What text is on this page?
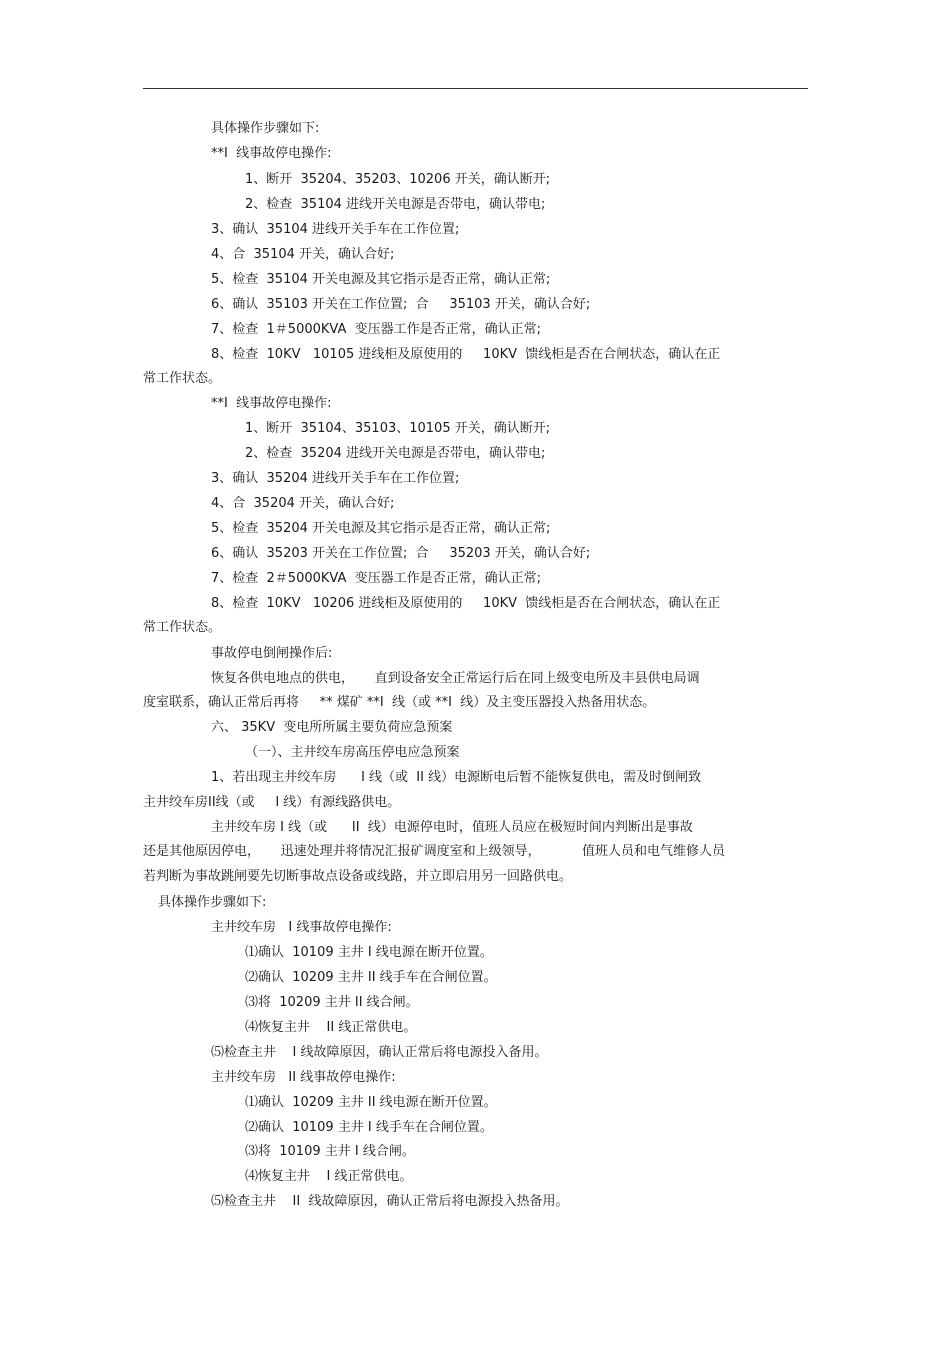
具体操作步骤如下:
**I  线事故停电操作:
1、断开  35204、35203、10206 开关，确认断开;
2、检查  35104 进线开关电源是否带电，确认带电;
3、确认  35104 进线开关手车在工作位置;
4、合  35104 开关，确认合好;
5、检查  35104 开关电源及其它指示是否正常，确认正常;
6、确认  35103 开关在工作位置;  合     35103 开关，确认合好;
7、检查  1＃5000KVA  变压器工作是否正常，确认正常;
8、检查  10KV   10105 进线柜及原使用的     10KV  馈线柜是否在合闸状态，确认在正
常工作状态。
**I  线事故停电操作:
1、断开  35104、35103、10105 开关，确认断开;
2、检查  35204 进线开关电源是否带电，确认带电;
3、确认  35204 进线开关手车在工作位置;
4、合  35204 开关，确认合好;
5、检查  35204 开关电源及其它指示是否正常，确认正常;
6、确认  35203 开关在工作位置;  合     35203 开关，确认合好;
7、检查  2＃5000KVA  变压器工作是否正常，确认正常;
8、检查  10KV   10206 进线柜及原使用的     10KV  馈线柜是否在合闸状态，确认在正
常工作状态。
事故停电倒闸操作后:
恢复各供电地点的供电，     直到设备安全正常运行后在同上级变电所及丰县供电局调
度室联系，确认正常后再将     ** 煤矿 **I  线（或 **I  线）及主变压器投入热备用状态。
六、 35KV  变电所所属主要负荷应急预案
（一）、主井绞车房高压停电应急预案
1、若出现主井绞车房      I 线（或  II 线）电源断电后暂不能恢复供电，需及时倒闸致
主井绞车房II线（或     I 线）有源线路供电。
主井绞车房 I 线（或      II  线）电源停电时，值班人员应在极短时间内判断出是事故
还是其他原因停电，     迅速处理并将情况汇报矿调度室和上级领导，          值班人员和电气维修人员
若判断为事故跳闸要先切断事故点设备或线路，并立即启用另一回路供电。
具体操作步骤如下:
主井绞车房   I 线事故停电操作:
⑴确认  10109 主井 I 线电源在断开位置。
⑵确认  10209 主井 II 线手车在合闸位置。
⑶将  10209 主井 II 线合闸。
⑷恢复主井    II 线正常供电。
⑸检查主井    I 线故障原因，确认正常后将电源投入备用。
主井绞车房   II 线事故停电操作:
⑴确认  10209 主井 II 线电源在断开位置。
⑵确认  10109 主井 I 线手车在合闸位置。
⑶将  10109 主井 I 线合闸。
⑷恢复主井    I 线正常供电。
⑸检查主井    II  线故障原因，确认正常后将电源投入热备用。
